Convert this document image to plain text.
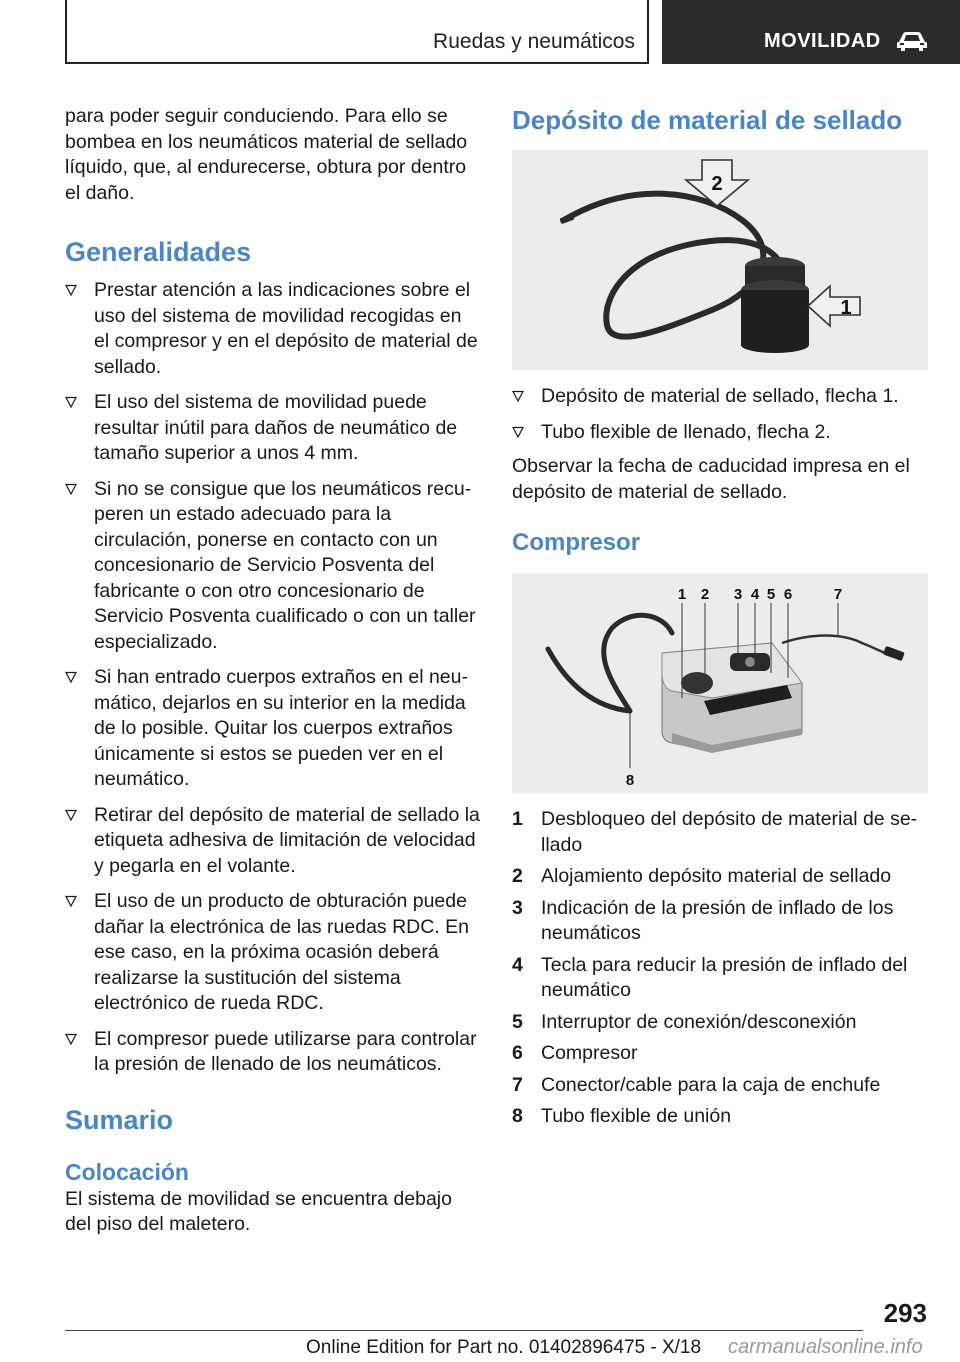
Ruedas y neumáticos	MOVILIDAD

para poder seguir conduciendo. Para ello se bombea en los neumáticos material de sellado líquido, que, al endurecerse, obtura por dentro el daño.

Generalidades
Prestar atención a las indicaciones sobre el uso del sistema de movilidad recogidas en el compresor y en el depósito de material de sellado.
El uso del sistema de movilidad puede resultar inútil para daños de neumático de tamaño superior a unos 4 mm.
Si no se consigue que los neumáticos recuperen un estado adecuado para la circulación, ponerse en contacto con un concesionario de Servicio Posventa del fabricante o con otro concesionario de Servicio Posventa cualificado o con un taller especializado.
Si han entrado cuerpos extraños en el neumático, dejarlos en su interior en la medida de lo posible. Quitar los cuerpos extraños únicamente si estos se pueden ver en el neumático.
Retirar del depósito de material de sellado la etiqueta adhesiva de limitación de velocidad y pegarla en el volante.
El uso de un producto de obturación puede dañar la electrónica de las ruedas RDC. En ese caso, en la próxima ocasión deberá realizarse la sustitución del sistema electrónico de rueda RDC.
El compresor puede utilizarse para controlar la presión de llenado de los neumáticos.
Sumario
Colocación

El sistema de movilidad se encuentra debajo del piso del maletero.

Depósito de material de sellado
2
1
Depósito de material de sellado, flecha 1.
Tubo flexible de llenado, flecha 2.

Observar la fecha de caducidad impresa en el depósito de material de sellado.

Compresor
1 2 3 4 5 6	7
8
1 Desbloqueo del depósito de material de sellado
2 Alojamiento depósito material de sellado
3 Indicación de la presión de inflado de los neumáticos
4 Tecla para reducir la presión de inflado del neumático
5 Interruptor de conexión/desconexión
6 Compresor
7 Conector/cable para la caja de enchufe
8 Tubo flexible de unión
293
Online Edition for Part no. 01402896475 - X/18 carmanualsonline.info
